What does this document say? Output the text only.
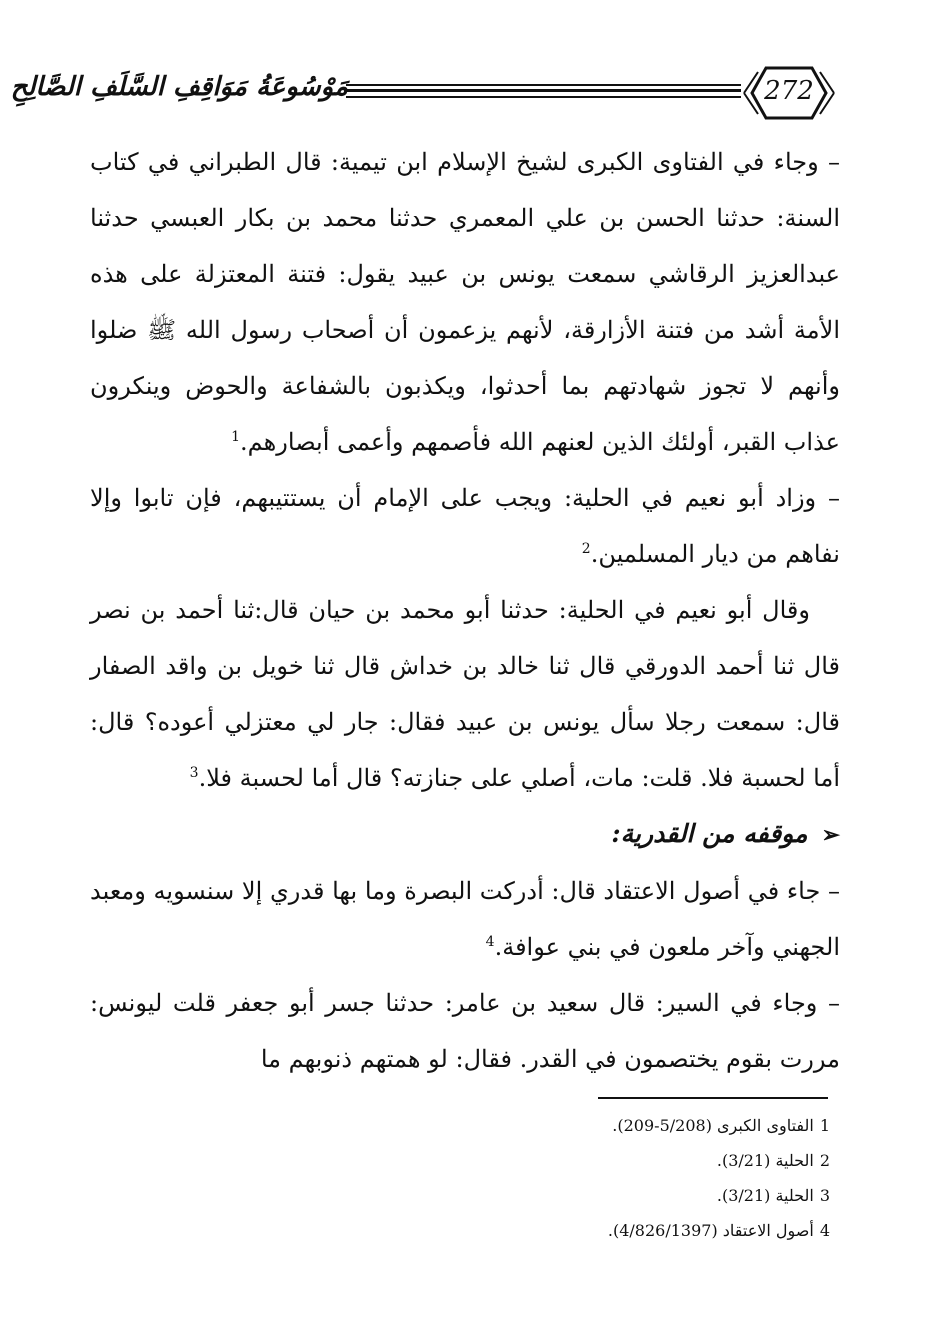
مَوْسُوعَةُ مَوَاقِفِ السَّلَفِ الصَّالِحِ	272

– وجاء في الفتاوى الكبرى لشيخ الإسلام ابن تيمية: قال الطبراني في كتاب السنة: حدثنا الحسن بن علي المعمري حدثنا محمد بن بكار العبسي حدثنا عبدالعزيز الرقاشي سمعت يونس بن عبيد يقول: فتنة المعتزلة على هذه الأمة أشد من فتنة الأزارقة، لأنهم يزعمون أن أصحاب رسول الله ﷺ ضلوا وأنهم لا تجوز شهادتهم بما أحدثوا، ويكذبون بالشفاعة والحوض وينكرون عذاب القبر، أولئك الذين لعنهم الله فأصمهم وأعمى أبصارهم.$^1$

– وزاد أبو نعيم في الحلية: ويجب على الإمام أن يستتيبهم، فإن تابوا وإلا نفاهم من ديار المسلمين.$^2$

وقال أبو نعيم في الحلية: حدثنا أبو محمد بن حيان قال:ثنا أحمد بن نصر قال ثنا أحمد الدورقي قال ثنا خالد بن خداش قال ثنا خويل بن واقد الصفار قال: سمعت رجلا سأل يونس بن عبيد فقال: جار لي معتزلي أعوده؟ قال: أما لحسبة فلا. قلت: مات، أصلي على جنازته؟ قال أما لحسبة فلا.$^3$

➢موقفه من القدرية:

– جاء في أصول الاعتقاد قال: أدركت البصرة وما بها قدري إلا سنسويه ومعبد الجهني وآخر ملعون في بني عوافة.$^4$

– وجاء في السير: قال سعيد بن عامر: حدثنا جسر أبو جعفر قلت ليونس: مررت بقوم يختصمون في القدر. فقال: لو همتهم ذنوبهم ما

1الفتاوى الكبرى (5/208-209).

2الحلية (3/21).

3الحلية (3/21).

4أصول الاعتقاد (4/826/1397).
